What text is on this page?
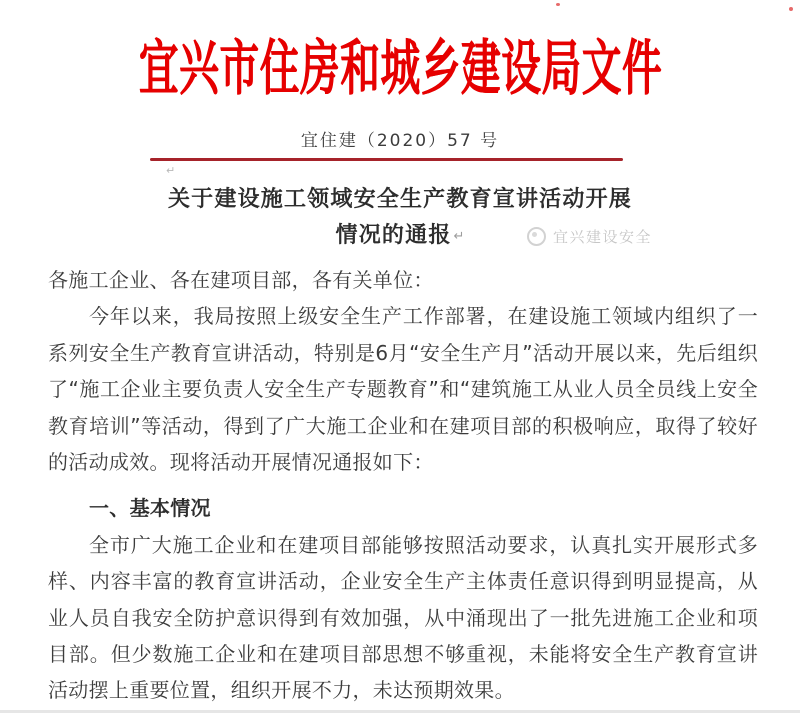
宜兴市住房和城乡建设局文件
宜住建（2020）57 号
↵
关于建设施工领域安全生产教育宣讲活动开展
情况的通报 ↵	宜兴建设安全

各施工企业、各在建项目部，各有关单位：

今年以来，我局按照上级安全生产工作部署，在建设施工领域内组织了一系列安全生产教育宣讲活动，特别是6月“安全生产月”活动开展以来，先后组织了“施工企业主要负责人安全生产专题教育”和“建筑施工从业人员全员线上安全教育培训”等活动，得到了广大施工企业和在建项目部的积极响应，取得了较好的活动成效。现将活动开展情况通报如下：

一、基本情况

全市广大施工企业和在建项目部能够按照活动要求，认真扎实开展形式多样、内容丰富的教育宣讲活动，企业安全生产主体责任意识得到明显提高，从业人员自我安全防护意识得到有效加强，从中涌现出了一批先进施工企业和项目部。但少数施工企业和在建项目部思想不够重视，未能将安全生产教育宣讲活动摆上重要位置，组织开展不力，未达预期效果。
